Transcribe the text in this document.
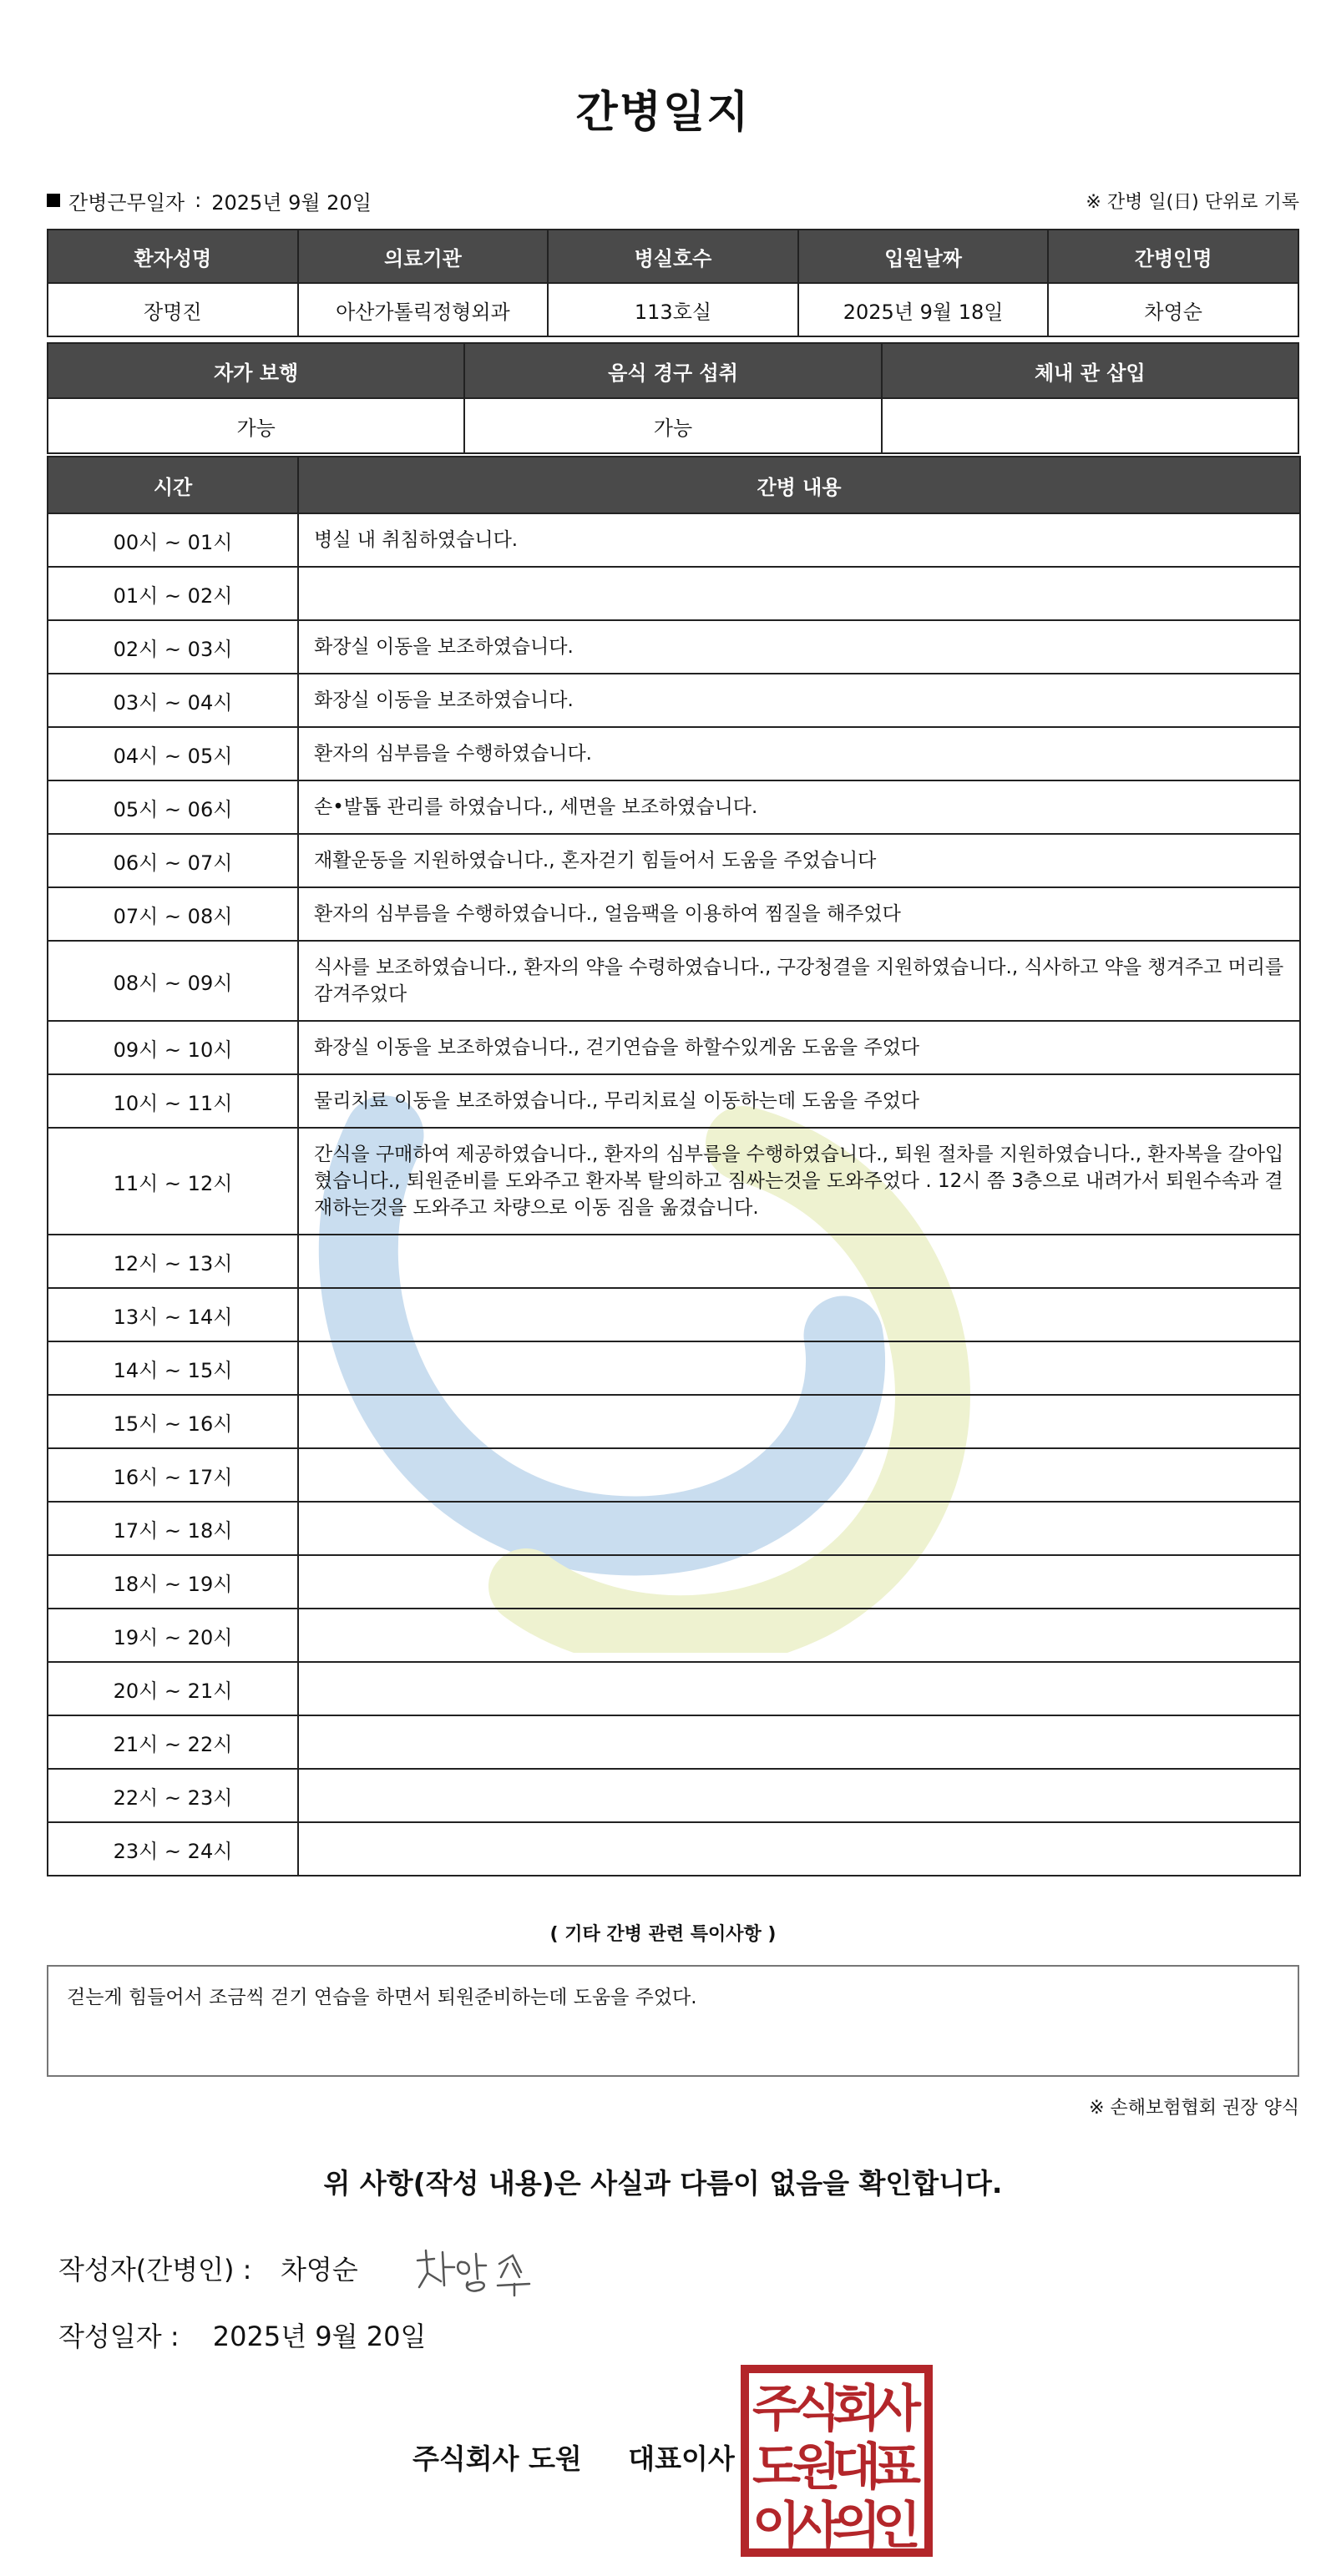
간병일지
간병근무일자 : 2025년 9월 20일	※ 간병 일(日) 단위로 기록
환자성명	의료기관	병실호수	입원날짜	간병인명
장명진	아산가톨릭정형외과	113호실	2025년 9월 18일	차영순
자가 보행	음식 경구 섭취	체내 관 삽입
가능	가능	
시간	간병 내용
00시 ~ 01시	병실 내 취침하였습니다.
01시 ~ 02시	
02시 ~ 03시	화장실 이동을 보조하였습니다.
03시 ~ 04시	화장실 이동을 보조하였습니다.
04시 ~ 05시	환자의 심부름을 수행하였습니다.
05시 ~ 06시	손•발톱 관리를 하였습니다., 세면을 보조하였습니다.
06시 ~ 07시	재활운동을 지원하였습니다., 혼자걷기 힘들어서 도움을 주었습니다
07시 ~ 08시	환자의 심부름을 수행하였습니다., 얼음팩을 이용하여 찜질을 해주었다
08시 ~ 09시	식사를 보조하였습니다., 환자의 약을 수령하였습니다., 구강청결을 지원하였습니다., 식사하고 약을 챙겨주고 머리를 감겨주었다
09시 ~ 10시	화장실 이동을 보조하였습니다., 걷기연습을 하할수있게움 도움을 주었다
10시 ~ 11시	물리치료 이동을 보조하였습니다., 무리치료실 이동하는데 도움을 주었다
11시 ~ 12시	간식을 구매하여 제공하였습니다., 환자의 심부름을 수행하였습니다., 퇴원 절차를 지원하였습니다., 환자복을 갈아입혔습니다., 퇴원준비를 도와주고 환자복 탈의하고 짐싸는것을 도와주었다 . 12시 쯤 3층으로 내려가서 퇴원수속과 결재하는것을 도와주고 차량으로 이동 짐을 옮겼습니다.
12시 ~ 13시	
13시 ~ 14시	
14시 ~ 15시	
15시 ~ 16시	
16시 ~ 17시	
17시 ~ 18시	
18시 ~ 19시	
19시 ~ 20시	
20시 ~ 21시	
21시 ~ 22시	
22시 ~ 23시	
23시 ~ 24시	
( 기타 간병 관련 특이사항 )
걷는게 힘들어서 조금씩 걷기 연습을 하면서 퇴원준비하는데 도움을 주었다.
※ 손해보험협회 권장 양식
위 사항(작성 내용)은 사실과 다름이 없음을 확인합니다.
작성자(간병인) :	차영순
작성일자 : 2025년 9월 20일
주식회사 도원 대표이사
주
식
회
사
도
원
대
표
이
사
의
인
